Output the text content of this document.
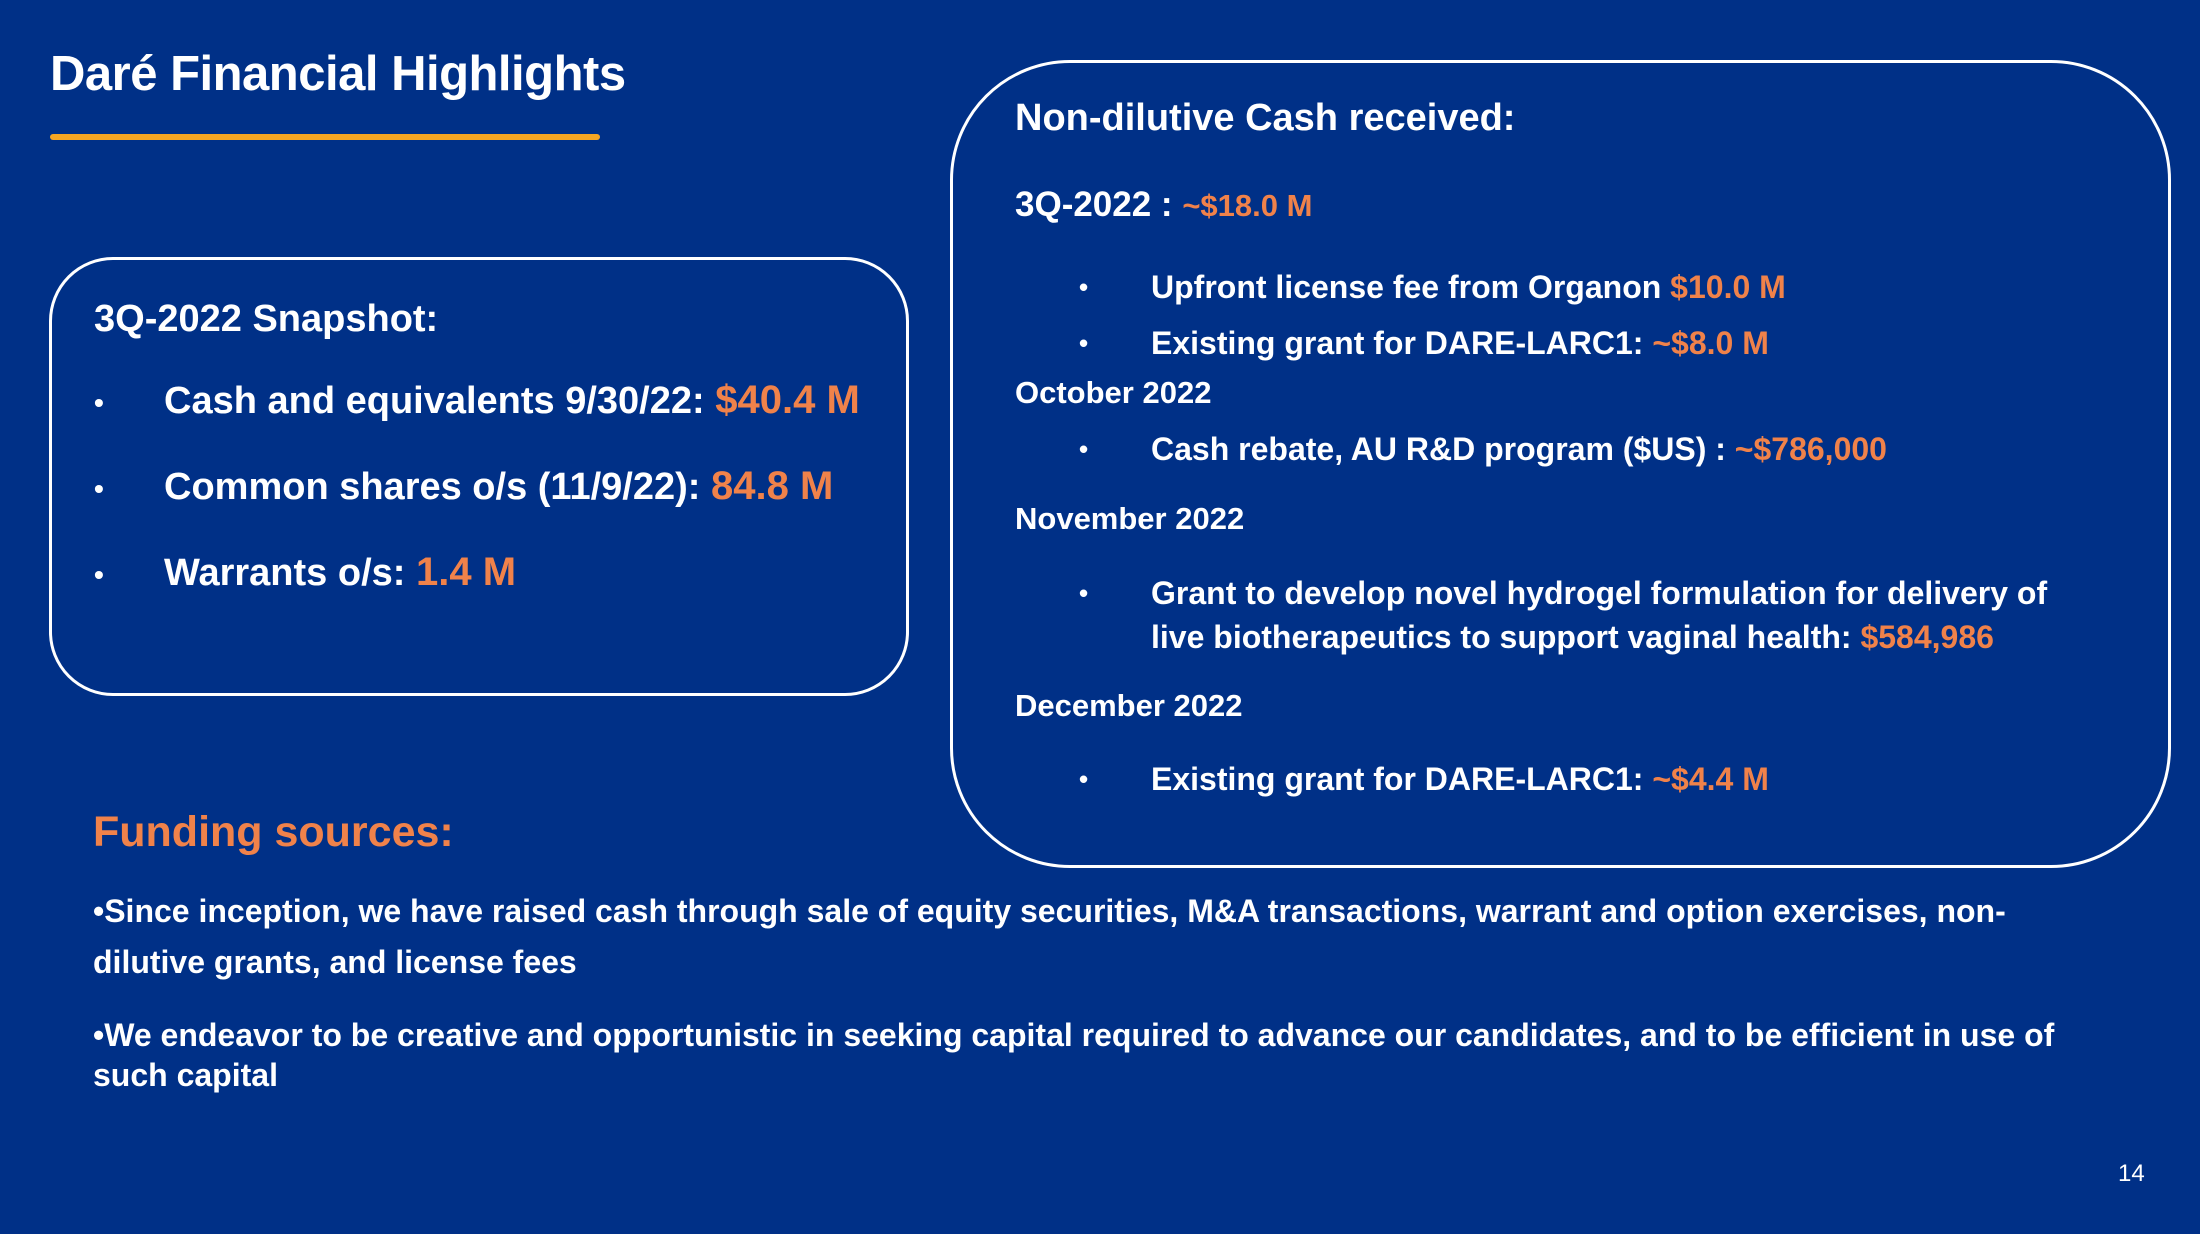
Daré Financial Highlights
3Q-2022 Snapshot:
• Cash and equivalents 9/30/22: $40.4 M
• Common shares o/s (11/9/22): 84.8 M
• Warrants o/s: 1.4 M
Non-dilutive Cash received:
3Q-2022 : ~$18.0 M
•	Upfront license fee from Organon $10.0 M
•	Existing grant for DARE-LARC1: ~$8.0 M
October 2022
•	Cash rebate, AU R&D program ($US) : ~$786,000
November 2022
•	Grant to develop novel hydrogel formulation for delivery of live biotherapeutics to support vaginal health: $584,986
December 2022
•	Existing grant for DARE-LARC1: ~$4.4 M
Funding sources:

•Since inception, we have raised cash through sale of equity securities, M&A transactions, warrant and option exercises, non-dilutive grants, and license fees

•We endeavor to be creative and opportunistic in seeking capital required to advance our candidates, and to be efficient in use of such capital

14
